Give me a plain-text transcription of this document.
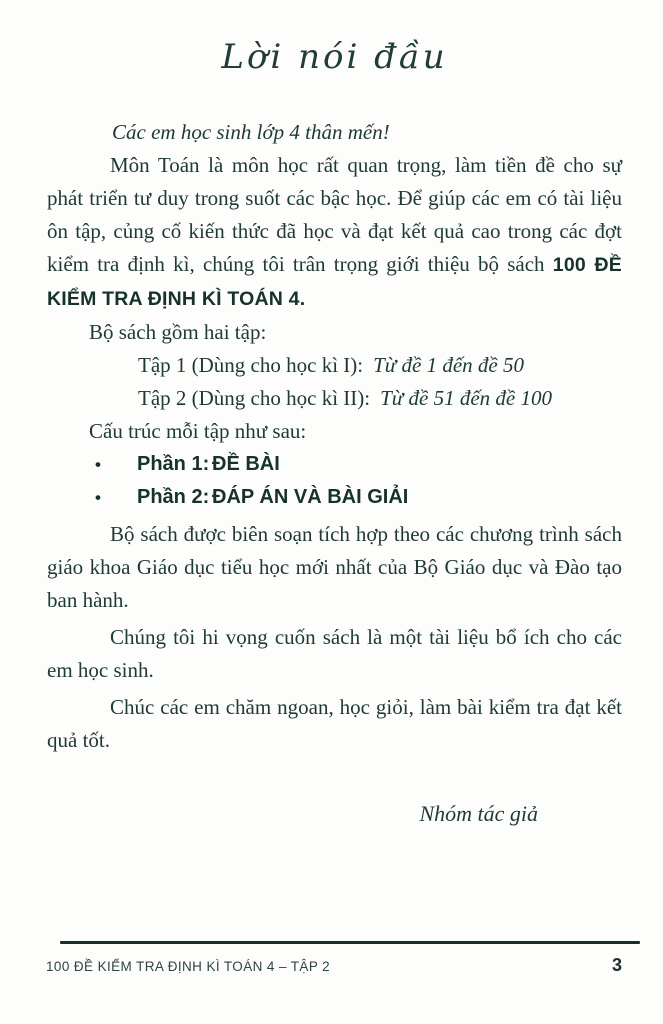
Lời nói đầu

Các em học sinh lớp 4 thân mến!

Môn Toán là môn học rất quan trọng, làm tiền đề cho sự phát triển tư duy trong suốt các bậc học. Để giúp các em có tài liệu ôn tập, củng cố kiến thức đã học và đạt kết quả cao trong các đợt kiểm tra định kì, chúng tôi trân trọng giới thiệu bộ sách 100 ĐỀ KIỂM TRA ĐỊNH KÌ TOÁN 4.

Bộ sách gồm hai tập:

Tập 1 (Dùng cho học kì I): Từ đề 1 đến đề 50

Tập 2 (Dùng cho học kì II): Từ đề 51 đến đề 100

Cấu trúc mỗi tập như sau:

•	Phần 1: ĐỀ BÀI
•	Phần 2: ĐÁP ÁN VÀ BÀI GIẢI

Bộ sách được biên soạn tích hợp theo các chương trình sách giáo khoa Giáo dục tiểu học mới nhất của Bộ Giáo dục và Đào tạo ban hành.

Chúng tôi hi vọng cuốn sách là một tài liệu bổ ích cho các em học sinh.

Chúc các em chăm ngoan, học giỏi, làm bài kiểm tra đạt kết quả tốt.

Nhóm tác giả

100 ĐỀ KIỂM TRA ĐỊNH KÌ TOÁN 4 – TẬP 2	3
